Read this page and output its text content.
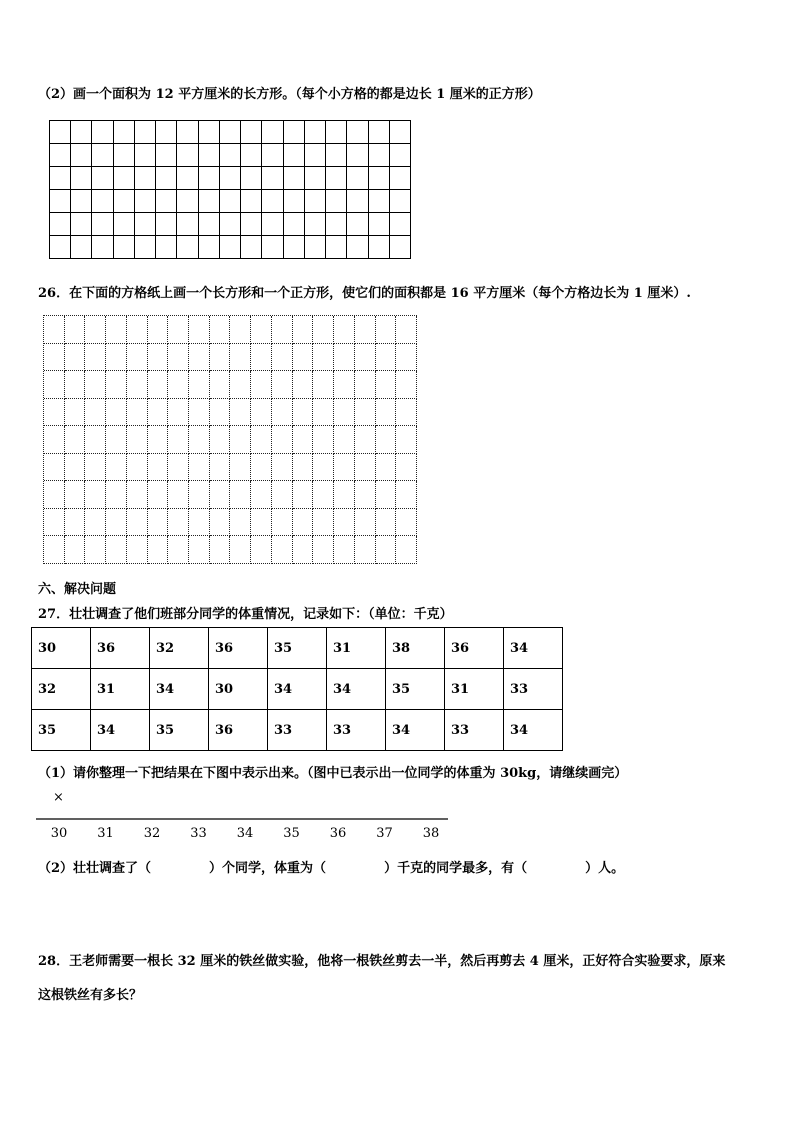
（2）画一个面积为 12 平方厘米的长方形。（每个小方格的都是边长 1 厘米的正方形）
26．在下面的方格纸上画一个长方形和一个正方形，使它们的面积都是 16 平方厘米（每个方格边长为 1 厘米）.
六、解决问题
27．壮壮调查了他们班部分同学的体重情况，记录如下：（单位：千克）
30	36	32	36	35	31	38	36	34
32	31	34	30	34	34	35	31	33
35	34	35	36	33	33	34	33	34
（1）请你整理一下把结果在下图中表示出来。（图中已表示出一位同学的体重为 30kg，请继续画完）
×
30 31 32 33 34 35 36 37 38
（2）壮壮调查了（	）个同学，体重为（	）千克的同学最多，有（	）人。
28．王老师需要一根长 32 厘米的铁丝做实验，他将一根铁丝剪去一半，然后再剪去 4 厘米，正好符合实验要求，原来
这根铁丝有多长？
